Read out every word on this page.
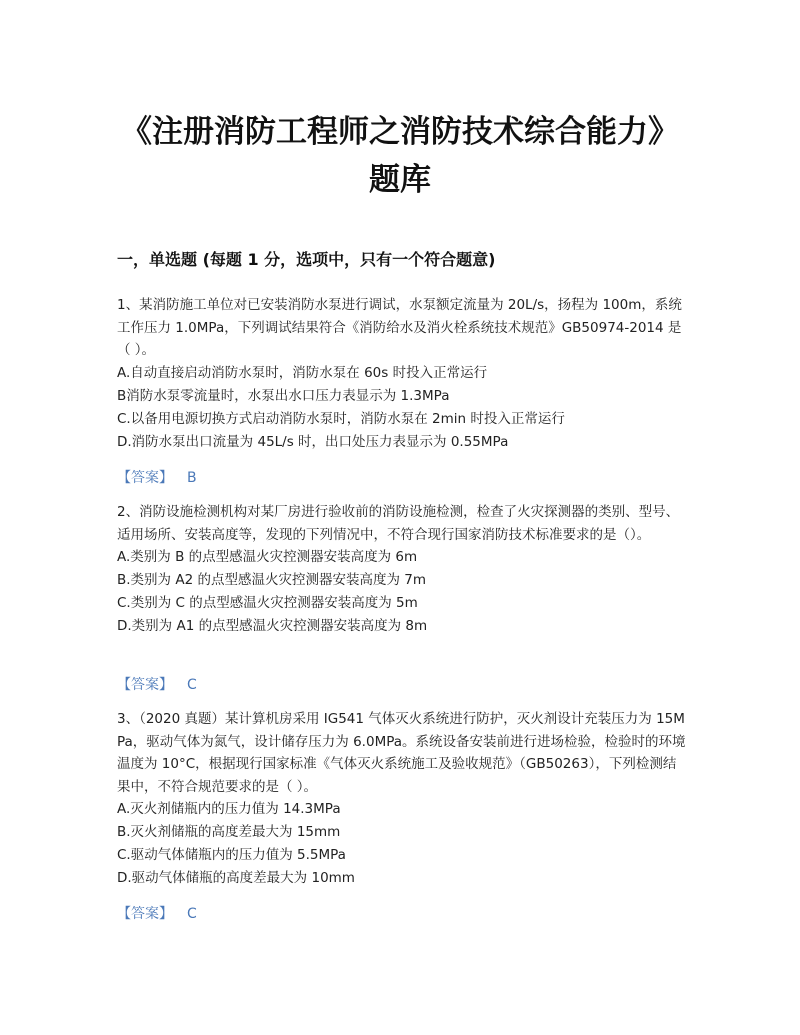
《注册消防工程师之消防技术综合能力》题库
一，单选题 (每题 1 分，选项中，只有一个符合题意)

1、某消防施工单位对已安装消防水泵进行调试，水泵额定流量为 20L/s，扬程为 100m，系统工作压力 1.0MPa，下列调试结果符合《消防给水及消火栓系统技术规范》GB50974-2014 是（ ）。

A.自动直接启动消防水泵时，消防水泵在 60s 时投入正常运行

B消防水泵零流量时，水泵出水口压力表显示为 1.3MPa

C.以备用电源切换方式启动消防水泵时，消防水泵在 2min 时投入正常运行

D.消防水泵出口流量为 45L/s 时，出口处压力表显示为 0.55MPa

【答案】 B

2、消防设施检测机构对某厂房进行验收前的消防设施检测，检查了火灾探测器的类别、型号、适用场所、安装高度等，发现的下列情况中，不符合现行国家消防技术标准要求的是（）。

A.类别为 B 的点型感温火灾控测器安装高度为 6m

B.类别为 A2 的点型感温火灾控测器安装高度为 7m

C.类别为 C 的点型感温火灾控测器安装高度为 5m

D.类别为 A1 的点型感温火灾控测器安装高度为 8m

【答案】 C

3、（2020 真题）某计算机房采用 IG541 气体灭火系统进行防护，灭火剂设计充装压力为 15MPa，驱动气体为氮气，设计储存压力为 6.0MPa。系统设备安装前进行进场检验，检验时的环境温度为 10°C，根据现行国家标准《气体灭火系统施工及验收规范》（GB50263），下列检测结果中，不符合规范要求的是（ ）。

A.灭火剂储瓶内的压力值为 14.3MPa

B.灭火剂储瓶的高度差最大为 15mm

C.驱动气体储瓶内的压力值为 5.5MPa

D.驱动气体储瓶的高度差最大为 10mm

【答案】 C
